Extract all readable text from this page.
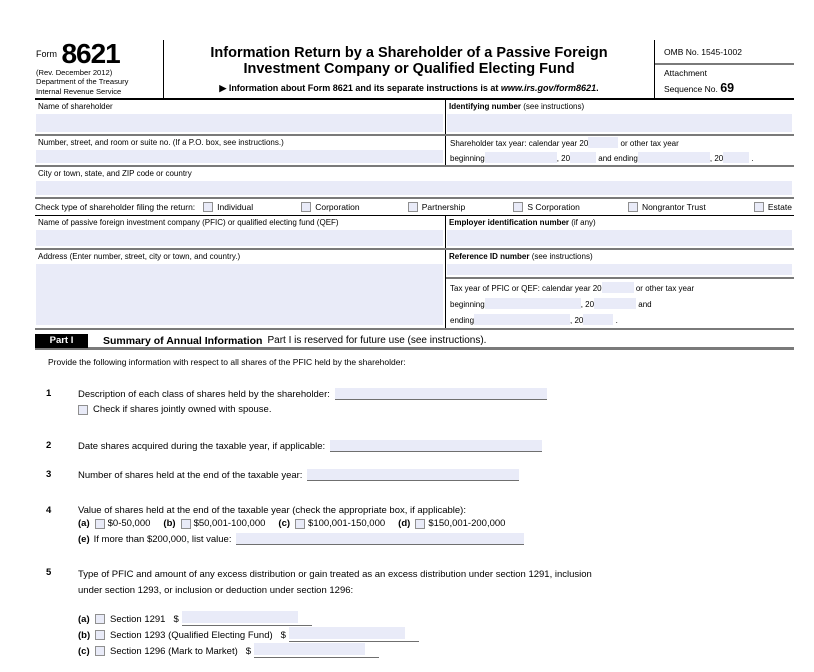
$^{Form}$ 8621
(Rev. December 2012)
Department of the Treasury
Internal Revenue Service
Information Return by a Shareholder of a Passive Foreign
Investment Company or Qualified Electing Fund
▶ Information about Form 8621 and its separate instructions is at www.irs.gov/form8621.
OMB No. 1545-1002
Attachment
Sequence No. 69
Name of shareholder	Identifying number (see instructions)
Number, street, and room or suite no. (If a P.O. box, see instructions.)	Shareholder tax year: calendar year 20	or other tax year
beginning	, 20	and ending	, 20	.
City or town, state, and ZIP code or country
Check type of shareholder filing the return:	Individual	Corporation	Partnership	S Corporation	Nongrantor Trust	Estate
Name of passive foreign investment company (PFIC) or qualified electing fund (QEF)	Employer identification number (if any)
Address (Enter number, street, city or town, and country.)	Reference ID number (see instructions)
Tax year of PFIC or QEF: calendar year 20	or other tax year
beginning	, 20	and
ending	, 20	.
Part I	Summary of Annual Information Part I is reserved for future use (see instructions).
Provide the following information with respect to all shares of the PFIC held by the shareholder:
1	Description of each class of shares held by the shareholder:
Check if shares jointly owned with spouse.
2	Date shares acquired during the taxable year, if applicable:
3	Number of shares held at the end of the taxable year:
4	Value of shares held at the end of the taxable year (check the appropriate box, if applicable):
(a) $0-50,000 (b) $50,001-100,000 (c) $100,001-150,000 (d) $150,001-200,000
(e) If more than $200,000, list value:
5	Type of PFIC and amount of any excess distribution or gain treated as an excess distribution under section 1291, inclusion under section 1293, or inclusion or deduction under section 1296:
(a)	Section 1291 $
(b)	Section 1293 (Qualified Electing Fund) $
(c)	Section 1296 (Mark to Market) $
